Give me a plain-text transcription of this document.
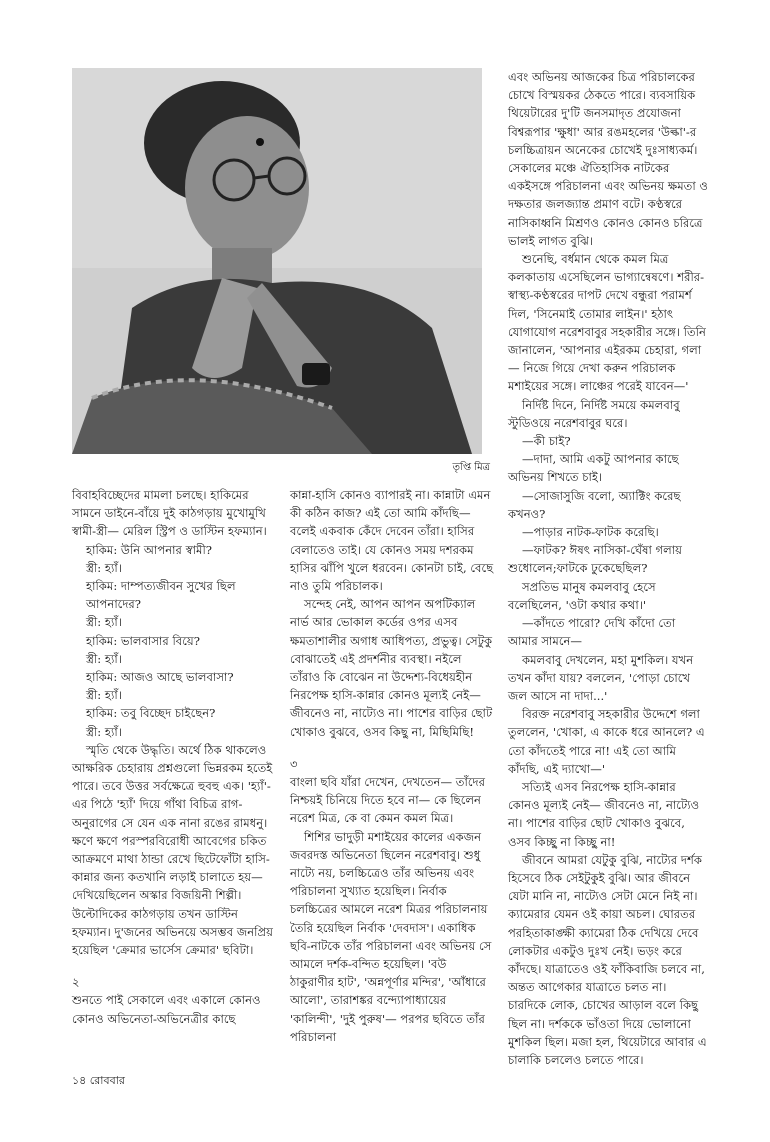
তৃপ্তি মিত্র

বিবাহবিচ্ছেদের মামলা চলছে। হাকিমের সামনে ডাইনে-বাঁয়ে দুই কাঠগড়ায় মুখোমুখি স্বামী-স্ত্রী— মেরিল স্ট্রিপ ও ডাস্টিন হফম্যান।

হাকিম: উনি আপনার স্বামী?

স্ত্রী: হ্যাঁ।

হাকিম: দাম্পত্যজীবন সুখের ছিল আপনাদের?

স্ত্রী: হ্যাঁ।

হাকিম: ভালবাসার বিয়ে?

স্ত্রী: হ্যাঁ।

হাকিম: আজও আছে ভালবাসা?

স্ত্রী: হ্যাঁ।

হাকিম: তবু বিচ্ছেদ চাইছেন?

স্ত্রী: হ্যাঁ।

স্মৃতি থেকে উদ্ধৃতি। অর্থে ঠিক থাকলেও আক্ষরিক চেহারায় প্রশ্নগুলো ভিন্নরকম হতেই পারে। তবে উত্তর সর্বক্ষেত্রে হুবহু এক। 'হ্যাঁ'-এর পিঠে 'হ্যাঁ' দিয়ে গাঁথা বিচিত্র রাগ-অনুরাগের সে যেন এক নানা রঙের রামধনু। ক্ষণে ক্ষণে পরস্পরবিরোধী আবেগের চকিত আক্রমণে মাথা ঠান্ডা রেখে ছিটেফোঁটা হাসি-কান্নার জন্য কতখানি লড়াই চালাতে হয়— দেখিয়েছিলেন অস্কার বিজয়িনী শিল্পী। উল্টোদিকের কাঠগড়ায় তখন ডাস্টিন হফম্যান। দু'জনের অভিনয়ে অসম্ভব জনপ্রিয় হয়েছিল 'ক্রেমার ভার্সেস ক্রেমার' ছবিটা।

২

শুনতে পাই সেকালে এবং একালে কোনও কোনও অভিনেতা-অভিনেত্রীর কাছে

কান্না-হাসি কোনও ব্যাপারই না। কান্নাটা এমন কী কঠিন কাজ? এই তো আমি কাঁদছি— বলেই একবাক কেঁদে দেবেন তাঁরা। হাসির বেলাতেও তাই। যে কোনও সময় দশরকম হাসির ঝাঁপি খুলে ধরবেন। কোনটা চাই, বেছে নাও তুমি পরিচালক।

সন্দেহ নেই, আপন আপন অপটিক্যাল নার্ভ আর ভোকাল কর্ডের ওপর এসব ক্ষমতাশালীর অগাধ আধিপত্য, প্রভুত্ব। সেটুকু বোঝাতেই এই প্রদর্শনীর ব্যবস্থা। নইলে তাঁরাও কি বোঝেন না উদ্দেশ্য-বিধেয়হীন নিরপেক্ষ হাসি-কান্নার কোনও মূল্যই নেই— জীবনেও না, নাট্যেও না। পাশের বাড়ির ছোট খোকাও বুঝবে, ওসব কিছু না, মিছিমিছি!

৩

বাংলা ছবি যাঁরা দেখেন, দেখতেন— তাঁদের নিশ্চয়ই চিনিয়ে দিতে হবে না— কে ছিলেন নরেশ মিত্র, কে বা কেমন কমল মিত্র।

শিশির ভাদুড়ী মশাইয়ের কালের একজন জবরদস্ত অভিনেতা ছিলেন নরেশবাবু। শুধু নাট্যে নয়, চলচ্চিত্রেও তাঁর অভিনয় এবং পরিচালনা সুখ্যাত হয়েছিল। নির্বাক চলচ্চিত্রের আমলে নরেশ মিত্রর পরিচালনায় তৈরি হয়েছিল নির্বাক 'দেবদাস'। একাধিক ছবি-নাটকে তাঁর পরিচালনা এবং অভিনয় সে আমলে দর্শক-বন্দিত হয়েছিল। 'বউ ঠাকুরাণীর হাট', 'অন্নপূর্ণার মন্দির', 'আঁধারে আলো', তারাশঙ্কর বন্দ্যোপাধ্যায়ের 'কালিন্দী', 'দুই পুরুষ'— পরপর ছবিতে তাঁর পরিচালনা

এবং অভিনয় আজকের চিত্র পরিচালকের চোখে বিস্ময়কর ঠেকতে পারে। ব্যবসায়িক থিয়েটারের দু'টি জনসমাদৃত প্রযোজনা বিশ্বরূপার 'ক্ষুধা' আর রঙমহলের 'উল্কা'-র চলচ্চিত্রায়ন অনেকের চোখেই দুঃসাধ্যকর্ম। সেকালের মঞ্চে ঐতিহাসিক নাটকের একইসঙ্গে পরিচালনা এবং অভিনয় ক্ষমতা ও দক্ষতার জলজ্যান্ত প্রমাণ বটে। কণ্ঠস্বরে নাসিকাধ্বনি মিশ্রণও কোনও কোনও চরিত্রে ভালই লাগত বুঝি।

শুনেছি, বর্ধমান থেকে কমল মিত্র কলকাতায় এসেছিলেন ভাগ্যান্বেষণে। শরীর-স্বাস্থ্য-কণ্ঠস্বরের দাপট দেখে বন্ধুরা পরামর্শ দিল, 'সিনেমাই তোমার লাইন।' হঠাৎ যোগাযোগ নরেশবাবুর সহকারীর সঙ্গে। তিনি জানালেন, 'আপনার এইরকম চেহারা, গলা— নিজে গিয়ে দেখা করুন পরিচালক মশাইয়ের সঙ্গে। লাঞ্চের পরেই যাবেন—'

নির্দিষ্ট দিনে, নির্দিষ্ট সময়ে কমলবাবু স্টুডিওয়ে নরেশবাবুর ঘরে।

—কী চাই?

—দাদা, আমি একটু আপনার কাছে অভিনয় শিখতে চাই।

—সোজাসুজি বলো, অ্যাক্টিং করেছ কখনও?

—পাড়ার নাটক-ফাটক করেছি।

—ফাটক? ঈষৎ নাসিকা-ঘেঁষা গলায় শুধোলেন;ফাটকে ঢুকেছেছিল?

সপ্রতিভ মানুষ কমলবাবু হেসে বলেছিলেন, 'ওটা কথার কথা।'

—কাঁদতে পারো? দেখি কাঁদো তো আমার সামনে—

কমলবাবু দেখলেন, মহা মুশকিল। যখন তখন কাঁদা যায়? বললেন, 'পোড়া চোখে জল আসে না দাদা...'

বিরক্ত নরেশবাবু সহকারীর উদ্দেশে গলা তুললেন, 'খোকা, এ কাকে ধরে আনলে? এ তো কাঁদতেই পারে না! এই তো আমি কাঁদছি, এই দ্যাখো—'

সত্যিই এসব নিরপেক্ষ হাসি-কান্নার কোনও মূল্যই নেই— জীবনেও না, নাট্যেও না। পাশের বাড়ির ছোট খোকাও বুঝবে, ওসব কিচ্ছু না কিচ্ছু না!

জীবনে আমরা যেটুকু বুঝি, নাট্যের দর্শক হিসেবে ঠিক সেইটুকুই বুঝি। আর জীবনে যেটা মানি না, নাট্যেও সেটা মেনে নিই না। ক্যামেরার যেমন ওই কায়া অচল। ঘোরতর পরহিতাকাঙ্ক্ষী ক্যামেরা ঠিক দেখিয়ে দেবে লোকটার একটুও দুঃখ নেই। ভড়ং করে কাঁদছে। যাত্রাতেও ওই ফাঁকিবাজি চলবে না, অন্তত আগেকার যাত্রাতে চলত না। চারদিকে লোক, চোখের আড়াল বলে কিছু ছিল না। দর্শককে ভাঁওতা দিয়ে ভোলানো মুশকিল ছিল। মজা হল, থিয়েটারে আবার এ চালাকি চললেও চলতে পারে।

১৪ রোববার
